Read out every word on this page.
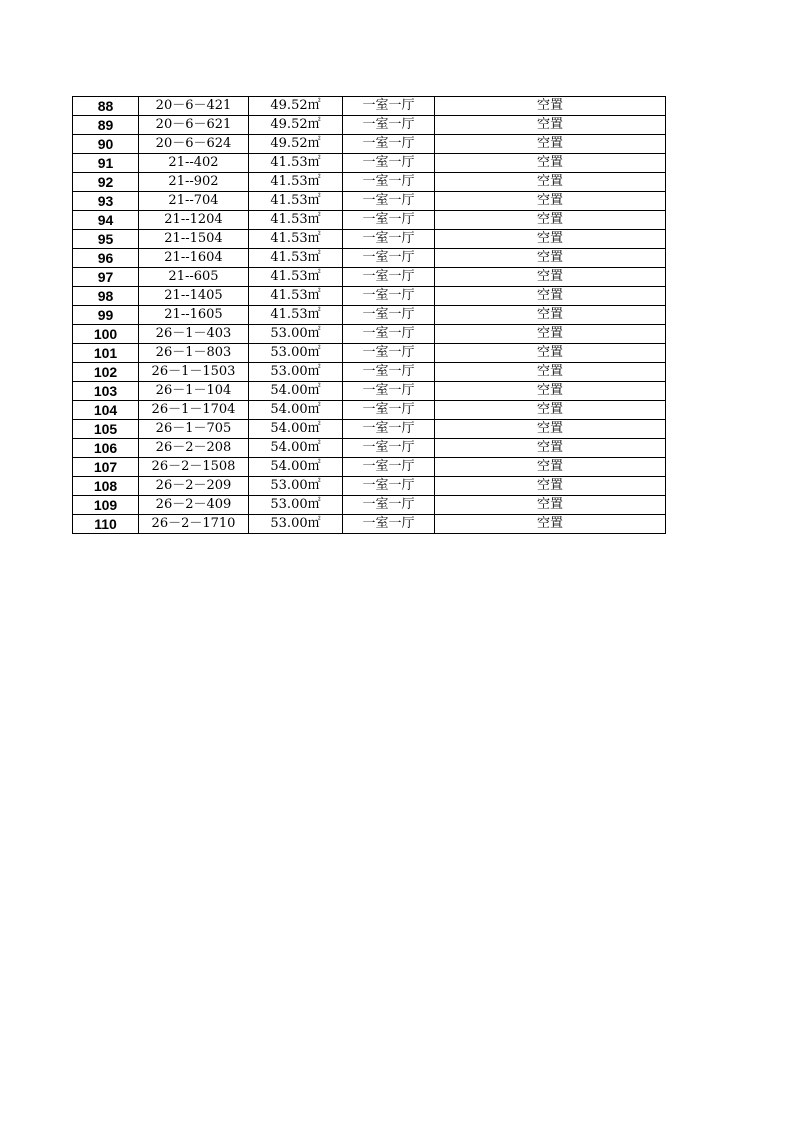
88	20－6－421	49.52㎡	一室一厅	空置
89	20－6－621	49.52㎡	一室一厅	空置
90	20－6－624	49.52㎡	一室一厅	空置
91	21--402	41.53㎡	一室一厅	空置
92	21--902	41.53㎡	一室一厅	空置
93	21--704	41.53㎡	一室一厅	空置
94	21--1204	41.53㎡	一室一厅	空置
95	21--1504	41.53㎡	一室一厅	空置
96	21--1604	41.53㎡	一室一厅	空置
97	21--605	41.53㎡	一室一厅	空置
98	21--1405	41.53㎡	一室一厅	空置
99	21--1605	41.53㎡	一室一厅	空置
100	26－1－403	53.00㎡	一室一厅	空置
101	26－1－803	53.00㎡	一室一厅	空置
102	26－1－1503	53.00㎡	一室一厅	空置
103	26－1－104	54.00㎡	一室一厅	空置
104	26－1－1704	54.00㎡	一室一厅	空置
105	26－1－705	54.00㎡	一室一厅	空置
106	26－2－208	54.00㎡	一室一厅	空置
107	26－2－1508	54.00㎡	一室一厅	空置
108	26－2－209	53.00㎡	一室一厅	空置
109	26－2－409	53.00㎡	一室一厅	空置
110	26－2－1710	53.00㎡	一室一厅	空置
